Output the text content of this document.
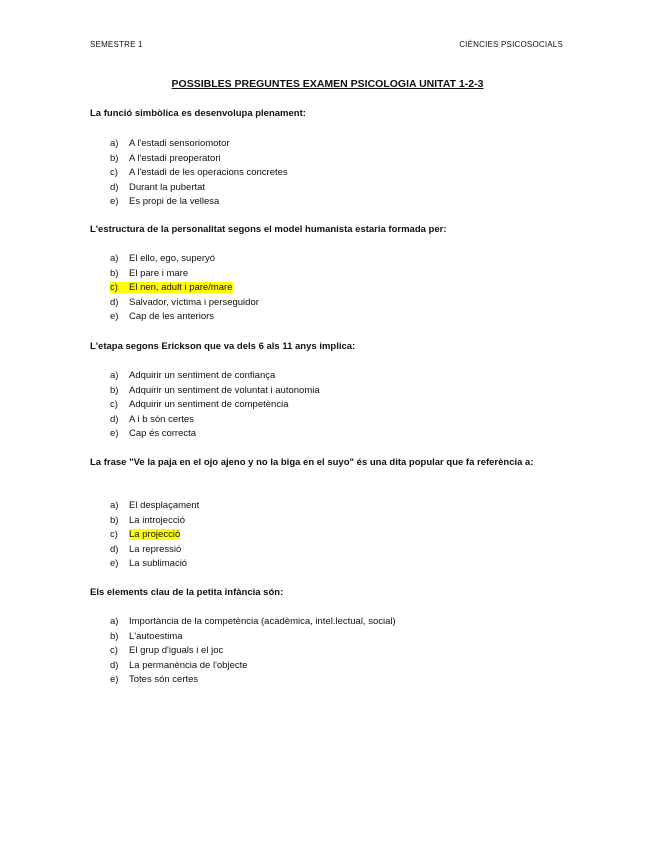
SEMESTRE 1	CIÈNCIES PSICOSOCIALS
POSSIBLES PREGUNTES EXAMEN PSICOLOGIA UNITAT 1-2-3
La funció simbòlica es desenvolupa plenament:
a) A l'estadi sensoriomotor
b) A l'estadi preoperatori
c) A l'estadi de les operacions concretes
d) Durant la pubertat
e) Es propi de la vellesa
L'estructura de la personalitat segons el model humanista estaria formada per:
a) El ello, ego, superyó
b) El pare i mare
c) El nen, adult i pare/mare
d) Salvador, víctima i perseguidor
e) Cap de les anteriors
L'etapa segons Erickson que va dels 6 als 11 anys implica:
a) Adquirir un sentiment de confiança
b) Adquirir un sentiment de voluntat i autonomia
c) Adquirir un sentiment de competència
d) A i b són certes
e) Cap és correcta
La frase "Ve la paja en el ojo ajeno y no la biga en el suyo" és una dita popular que fa referència a:
a) El desplaçament
b) La introjecció
c) La projecció
d) La repressió
e) La sublimació
Els elements clau de la petita infància són:
a) Importància de la competència (acadèmica, intel.lectual, social)
b) L'autoestima
c) El grup d'iguals i el joc
d) La permanència de l'objecte
e) Totes són certes
